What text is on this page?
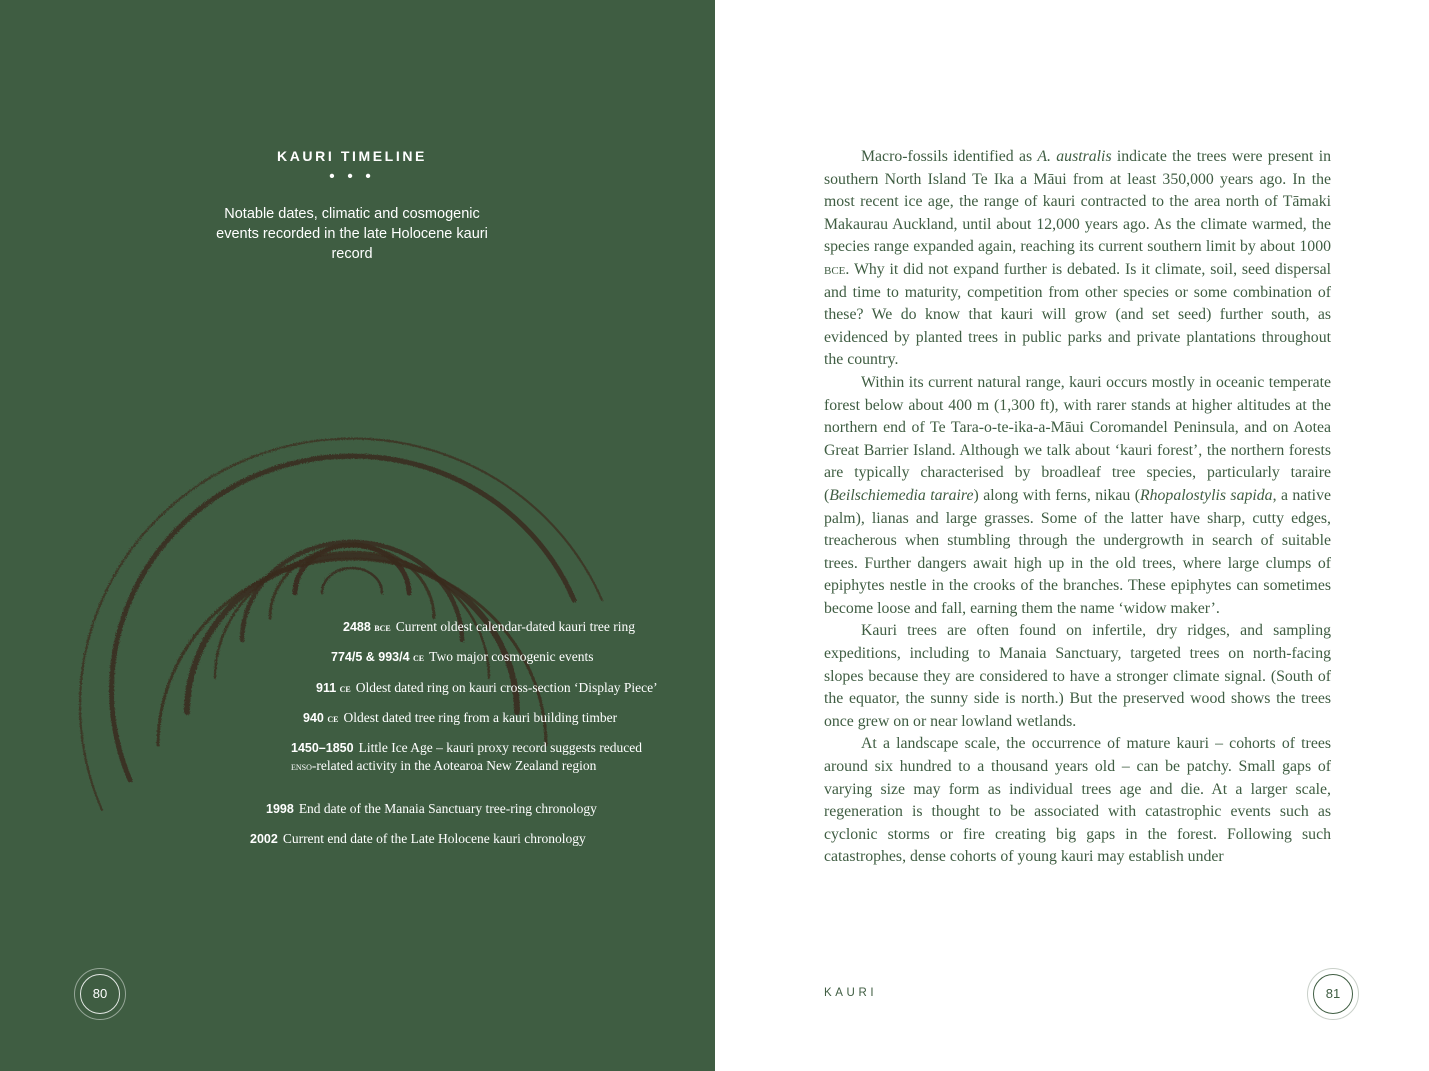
KAURI TIMELINE
• • •
Notable dates, climatic and cosmogenic events recorded in the late Holocene kauri record
2488 bce Current oldest calendar-dated kauri tree ring
774/5 & 993/4 ce Two major cosmogenic events
911 ce Oldest dated ring on kauri cross-section ‘Display Piece’
940 ce Oldest dated tree ring from a kauri building timber
1450–1850 Little Ice Age – kauri proxy record suggests reduced
enso-related activity in the Aotearoa New Zealand region
1998 End date of the Manaia Sanctuary tree-ring chronology
2002 Current end date of the Late Holocene kauri chronology
80

Macro-fossils identified as A. australis indicate the trees were present in southern North Island Te Ika a Māui from at least 350,000 years ago. In the most recent ice age, the range of kauri contracted to the area north of Tāmaki Makaurau Auckland, until about 12,000 years ago. As the climate warmed, the species range expanded again, reaching its current southern limit by about 1000 bce. Why it did not expand further is debated. Is it climate, soil, seed dispersal and time to maturity, competition from other species or some combination of these? We do know that kauri will grow (and set seed) further south, as evidenced by planted trees in public parks and private plantations throughout the country.

Within its current natural range, kauri occurs mostly in oceanic temperate forest below about 400 m (1,300 ft), with rarer stands at higher altitudes at the northern end of Te Tara-o-te-ika-a-Māui Coromandel Peninsula, and on Aotea Great Barrier Island. Although we talk about ‘kauri forest’, the northern forests are typically characterised by broadleaf tree species, particularly taraire (Beilschiemedia taraire) along with ferns, nikau (Rhopalostylis sapida, a native palm), lianas and large grasses. Some of the latter have sharp, cutty edges, treacherous when stumbling through the undergrowth in search of suitable trees. Further dangers await high up in the old trees, where large clumps of epiphytes nestle in the crooks of the branches. These epiphytes can sometimes become loose and fall, earning them the name ‘widow maker’.

Kauri trees are often found on infertile, dry ridges, and sampling expeditions, including to Manaia Sanctuary, targeted trees on north-facing slopes because they are considered to have a stronger climate signal. (South of the equator, the sunny side is north.) But the preserved wood shows the trees once grew on or near lowland wetlands.

At a landscape scale, the occurrence of mature kauri – cohorts of trees around six hundred to a thousand years old – can be patchy. Small gaps of varying size may form as individual trees age and die. At a larger scale, regeneration is thought to be associated with catastrophic events such as cyclonic storms or fire creating big gaps in the forest. Following such catastrophes, dense cohorts of young kauri may establish under

KAURI	81
